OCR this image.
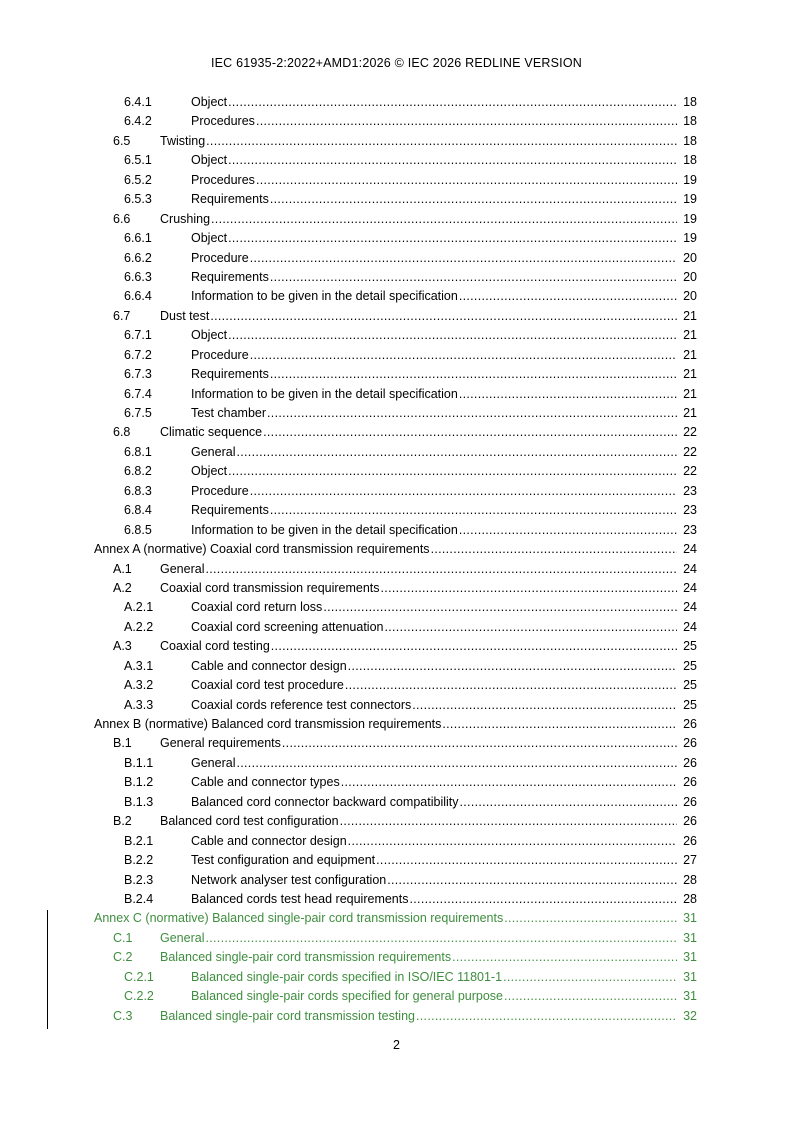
IEC 61935-2:2022+AMD1:2026 © IEC 2026 REDLINE VERSION
6.4.1	Object .....	18
6.4.2	Procedures .....	18
6.5 Twisting .....	18
6.5.1	Object .....	18
6.5.2	Procedures .....	19
6.5.3	Requirements .....	19
6.6 Crushing .....	19
6.6.1	Object .....	19
6.6.2	Procedure .....	20
6.6.3	Requirements .....	20
6.6.4	Information to be given in the detail specification .....	20
6.7 Dust test .....	21
6.7.1	Object .....	21
6.7.2	Procedure .....	21
6.7.3	Requirements .....	21
6.7.4	Information to be given in the detail specification .....	21
6.7.5	Test chamber .....	21
6.8 Climatic sequence .....	22
6.8.1	General .....	22
6.8.2	Object .....	22
6.8.3	Procedure .....	23
6.8.4	Requirements .....	23
6.8.5	Information to be given in the detail specification .....	23
Annex A (normative) Coaxial cord transmission requirements .....	24
A.1 General .....	24
A.2 Coaxial cord transmission requirements .....	24
A.2.1	Coaxial cord return loss .....	24
A.2.2	Coaxial cord screening attenuation .....	24
A.3 Coaxial cord testing .....	25
A.3.1	Cable and connector design .....	25
A.3.2	Coaxial cord test procedure .....	25
A.3.3	Coaxial cords reference test connectors .....	25
Annex B (normative) Balanced cord transmission requirements .....	26
B.1 General requirements .....	26
B.1.1	General .....	26
B.1.2	Cable and connector types .....	26
B.1.3	Balanced cord connector backward compatibility .....	26
B.2 Balanced cord test configuration .....	26
B.2.1	Cable and connector design .....	26
B.2.2	Test configuration and equipment .....	27
B.2.3	Network analyser test configuration .....	28
B.2.4	Balanced cords test head requirements .....	28
Annex C (normative) Balanced single-pair cord transmission requirements .....	31
C.1 General .....	31
C.2 Balanced single-pair cord transmission requirements .....	31
C.2.1	Balanced single-pair cords specified in ISO/IEC 11801-1 .....	31
C.2.2	Balanced single-pair cords specified for general purpose .....	31
C.3 Balanced single-pair cord transmission testing .....	32
2
